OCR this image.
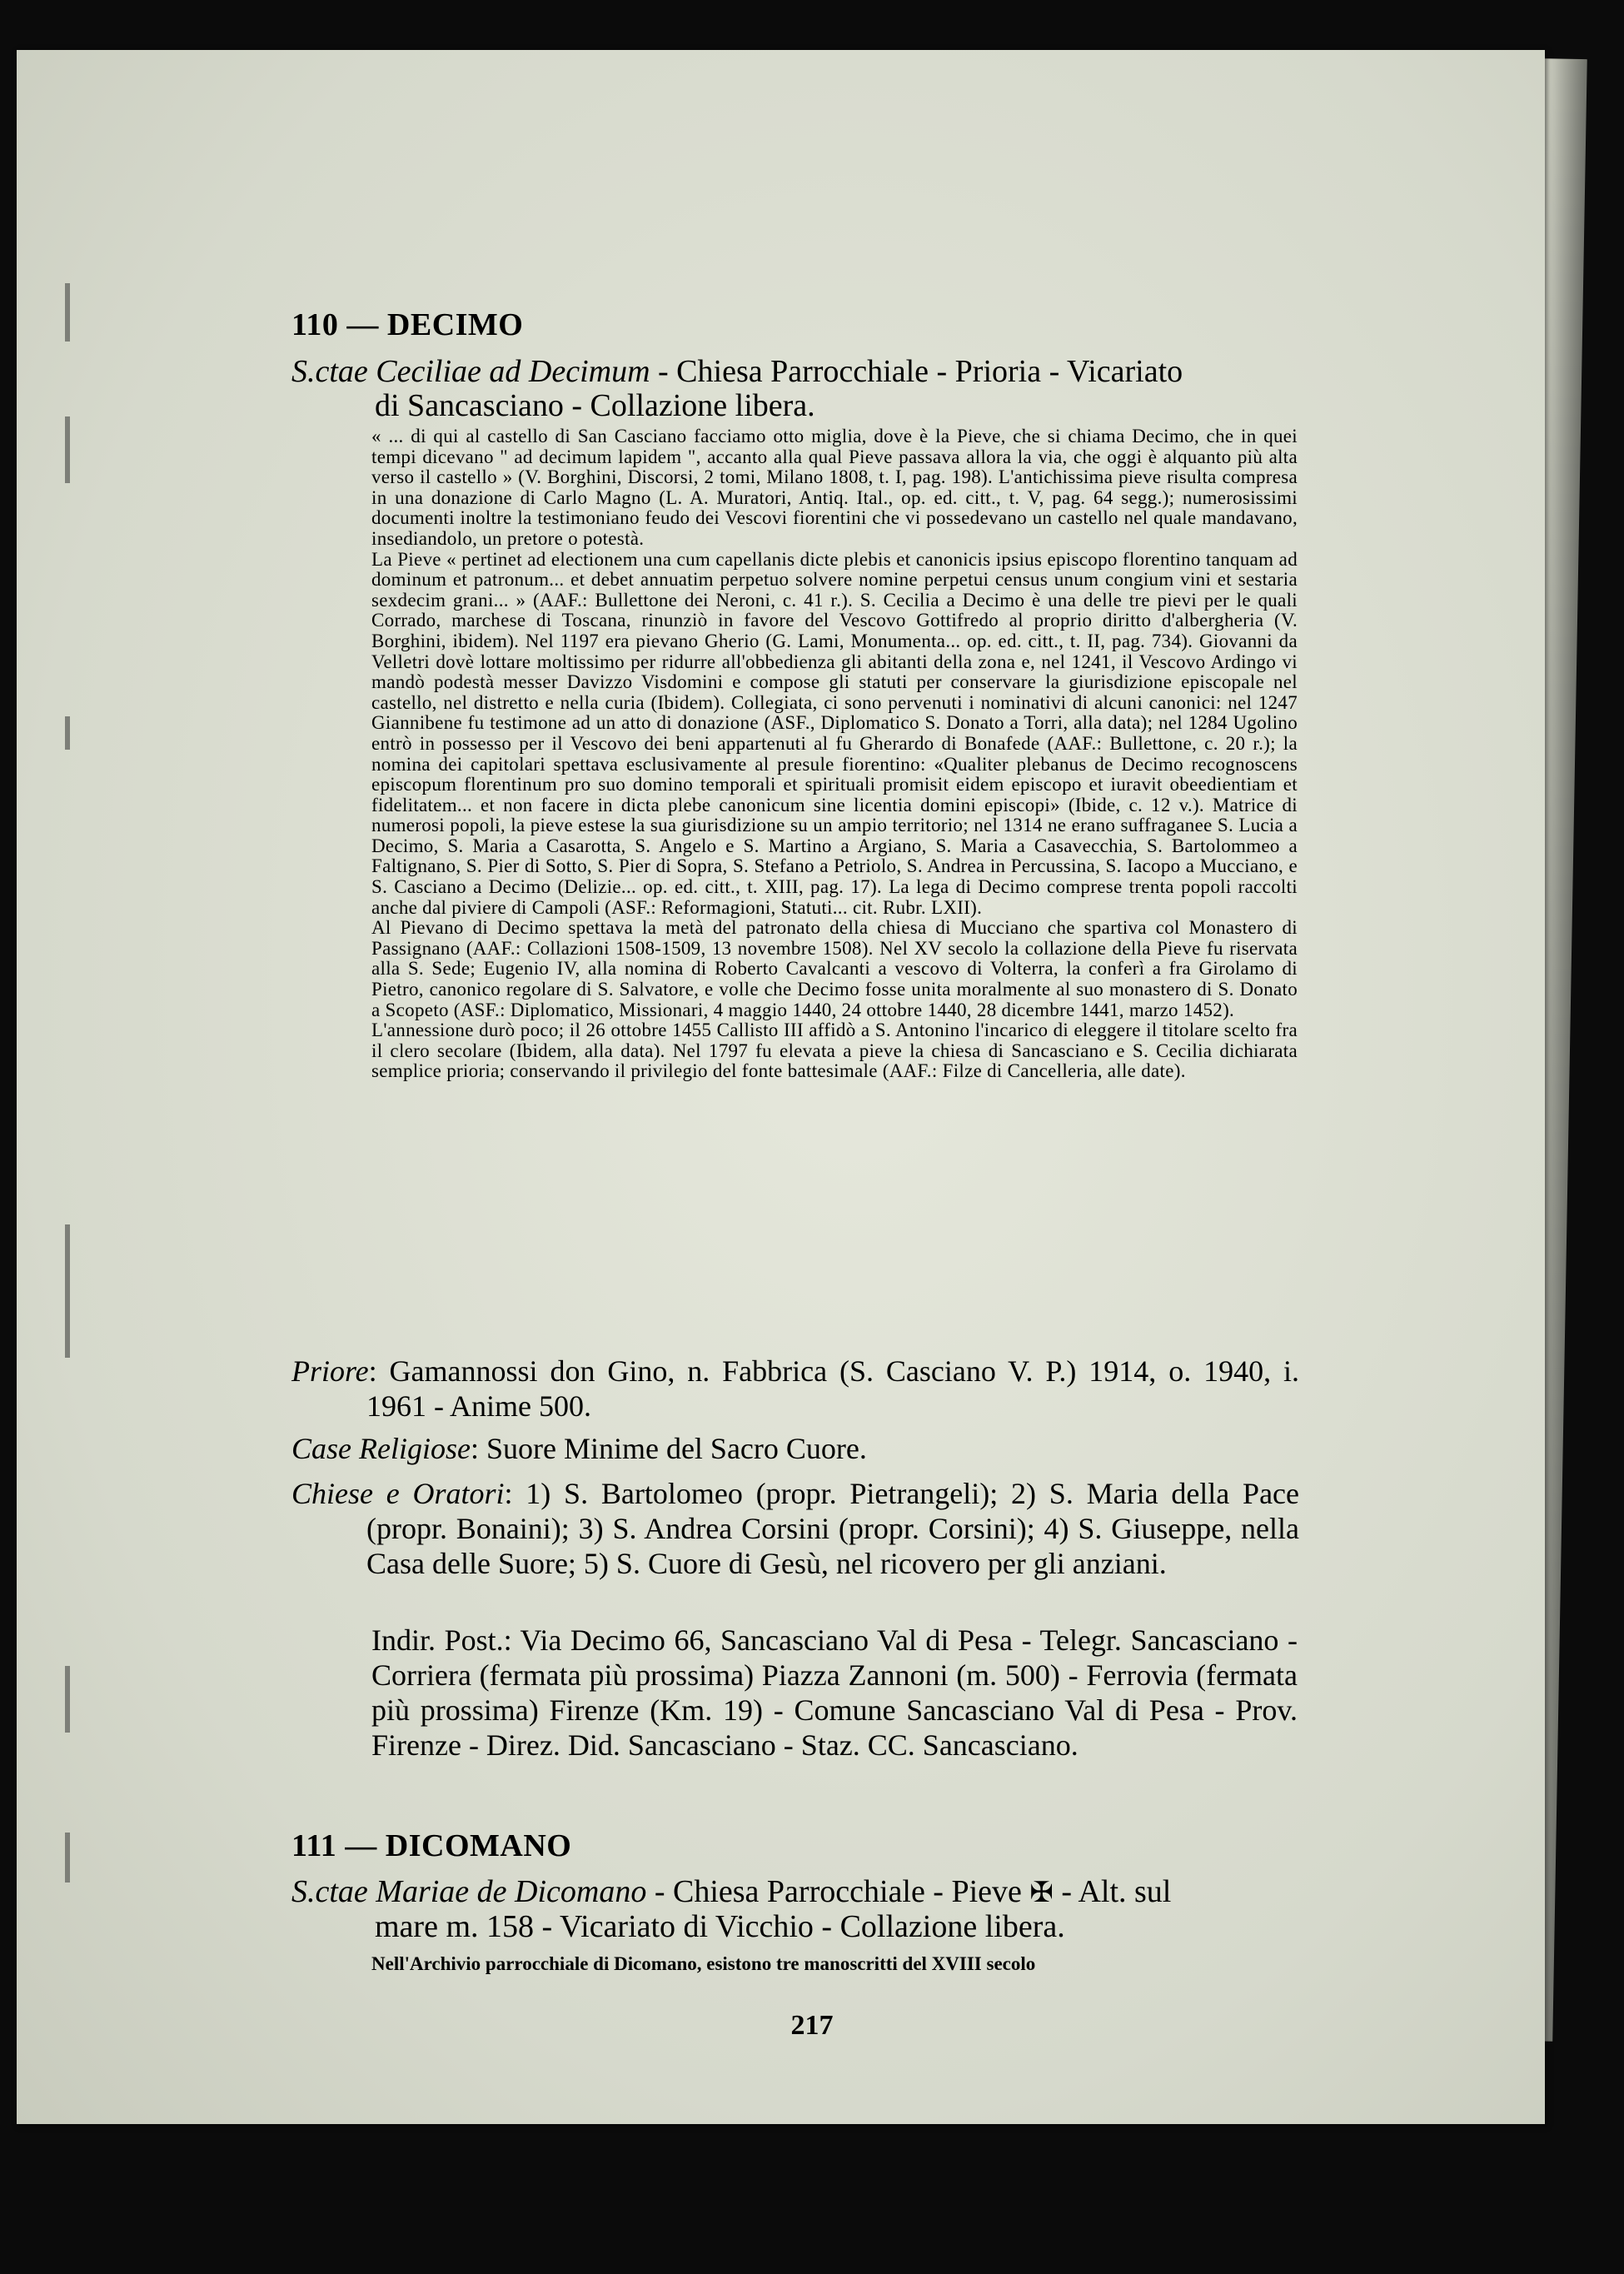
110 — DECIMO
S.ctae Ceciliae ad Decimum - Chiesa Parrocchiale - Prioria - Vicariato
di Sancasciano - Collazione libera.

« ... di qui al castello di San Casciano facciamo otto miglia, dove è la Pieve, che si chiama Decimo, che in quei tempi dicevano " ad decimum lapidem ", accanto alla qual Pieve passava allora la via, che oggi è alquanto più alta verso il castello » (V. Borghini, Discorsi, 2 tomi, Milano 1808, t. I, pag. 198). L'antichissima pieve risulta compresa in una donazione di Carlo Magno (L. A. Muratori, Antiq. Ital., op. ed. citt., t. V, pag. 64 segg.); numerosissimi documenti inoltre la testimoniano feudo dei Vescovi fiorentini che vi possedevano un castello nel quale mandavano, insediandolo, un pretore o potestà.

La Pieve « pertinet ad electionem una cum capellanis dicte plebis et canonicis ipsius episcopo florentino tanquam ad dominum et patronum... et debet annuatim perpetuo solvere nomine perpetui census unum congium vini et sestaria sexdecim grani... » (AAF.: Bullettone dei Neroni, c. 41 r.). S. Cecilia a Decimo è una delle tre pievi per le quali Corrado, marchese di Toscana, rinunziò in favore del Vescovo Gottifredo al proprio diritto d'albergheria (V. Borghini, ibidem). Nel 1197 era pievano Gherio (G. Lami, Monumenta... op. ed. citt., t. II, pag. 734). Giovanni da Velletri dovè lottare moltissimo per ridurre all'obbedienza gli abitanti della zona e, nel 1241, il Vescovo Ardingo vi mandò podestà messer Davizzo Visdomini e compose gli statuti per conservare la giurisdizione episcopale nel castello, nel distretto e nella curia (Ibidem). Collegiata, ci sono pervenuti i nominativi di alcuni canonici: nel 1247 Giannibene fu testimone ad un atto di donazione (ASF., Diplomatico S. Donato a Torri, alla data); nel 1284 Ugolino entrò in possesso per il Vescovo dei beni appartenuti al fu Gherardo di Bonafede (AAF.: Bullettone, c. 20 r.); la nomina dei capitolari spettava esclusivamente al presule fiorentino: «Qualiter plebanus de Decimo recognoscens episcopum florentinum pro suo domino temporali et spirituali promisit eidem episcopo et iuravit obeedientiam et fidelitatem... et non facere in dicta plebe canonicum sine licentia domini episcopi» (Ibide, c. 12 v.). Matrice di numerosi popoli, la pieve estese la sua giurisdizione su un ampio territorio; nel 1314 ne erano suffraganee S. Lucia a Decimo, S. Maria a Casarotta, S. Angelo e S. Martino a Argiano, S. Maria a Casavecchia, S. Bartolommeo a Faltignano, S. Pier di Sotto, S. Pier di Sopra, S. Stefano a Petriolo, S. Andrea in Percussina, S. Iacopo a Mucciano, e S. Casciano a Decimo (Delizie... op. ed. citt., t. XIII, pag. 17). La lega di Decimo comprese trenta popoli raccolti anche dal piviere di Campoli (ASF.: Reformagioni, Statuti... cit. Rubr. LXII).

Al Pievano di Decimo spettava la metà del patronato della chiesa di Mucciano che spartiva col Monastero di Passignano (AAF.: Collazioni 1508-1509, 13 novembre 1508). Nel XV secolo la collazione della Pieve fu riservata alla S. Sede; Eugenio IV, alla nomina di Roberto Cavalcanti a vescovo di Volterra, la conferì a fra Girolamo di Pietro, canonico regolare di S. Salvatore, e volle che Decimo fosse unita moralmente al suo monastero di S. Donato a Scopeto (ASF.: Diplomatico, Missionari, 4 maggio 1440, 24 ottobre 1440, 28 dicembre 1441, marzo 1452).

L'annessione durò poco; il 26 ottobre 1455 Callisto III affidò a S. Antonino l'incarico di eleggere il titolare scelto fra il clero secolare (Ibidem, alla data). Nel 1797 fu elevata a pieve la chiesa di Sancasciano e S. Cecilia dichiarata semplice prioria; conservando il privilegio del fonte battesimale (AAF.: Filze di Cancelleria, alle date).

Priore: Gamannossi don Gino, n. Fabbrica (S. Casciano V. P.) 1914, o. 1940, i. 1961 - Anime 500.
Case Religiose: Suore Minime del Sacro Cuore.
Chiese e Oratori: 1) S. Bartolomeo (propr. Pietrangeli); 2) S. Maria della Pace (propr. Bonaini); 3) S. Andrea Corsini (propr. Corsini); 4) S. Giuseppe, nella Casa delle Suore; 5) S. Cuore di Gesù, nel ricovero per gli anziani.
Indir. Post.: Via Decimo 66, Sancasciano Val di Pesa - Telegr. Sancasciano - Corriera (fermata più prossima) Piazza Zannoni (m. 500) - Ferrovia (fermata più prossima) Firenze (Km. 19) - Comune Sancasciano Val di Pesa - Prov. Firenze - Direz. Did. Sancasciano - Staz. CC. Sancasciano.
111 — DICOMANO
S.ctae Mariae de Dicomano - Chiesa Parrocchiale - Pieve ✠ - Alt. sul
mare m. 158 - Vicariato di Vicchio - Collazione libera.
Nell'Archivio parrocchiale di Dicomano, esistono tre manoscritti del XVIII secolo
217
